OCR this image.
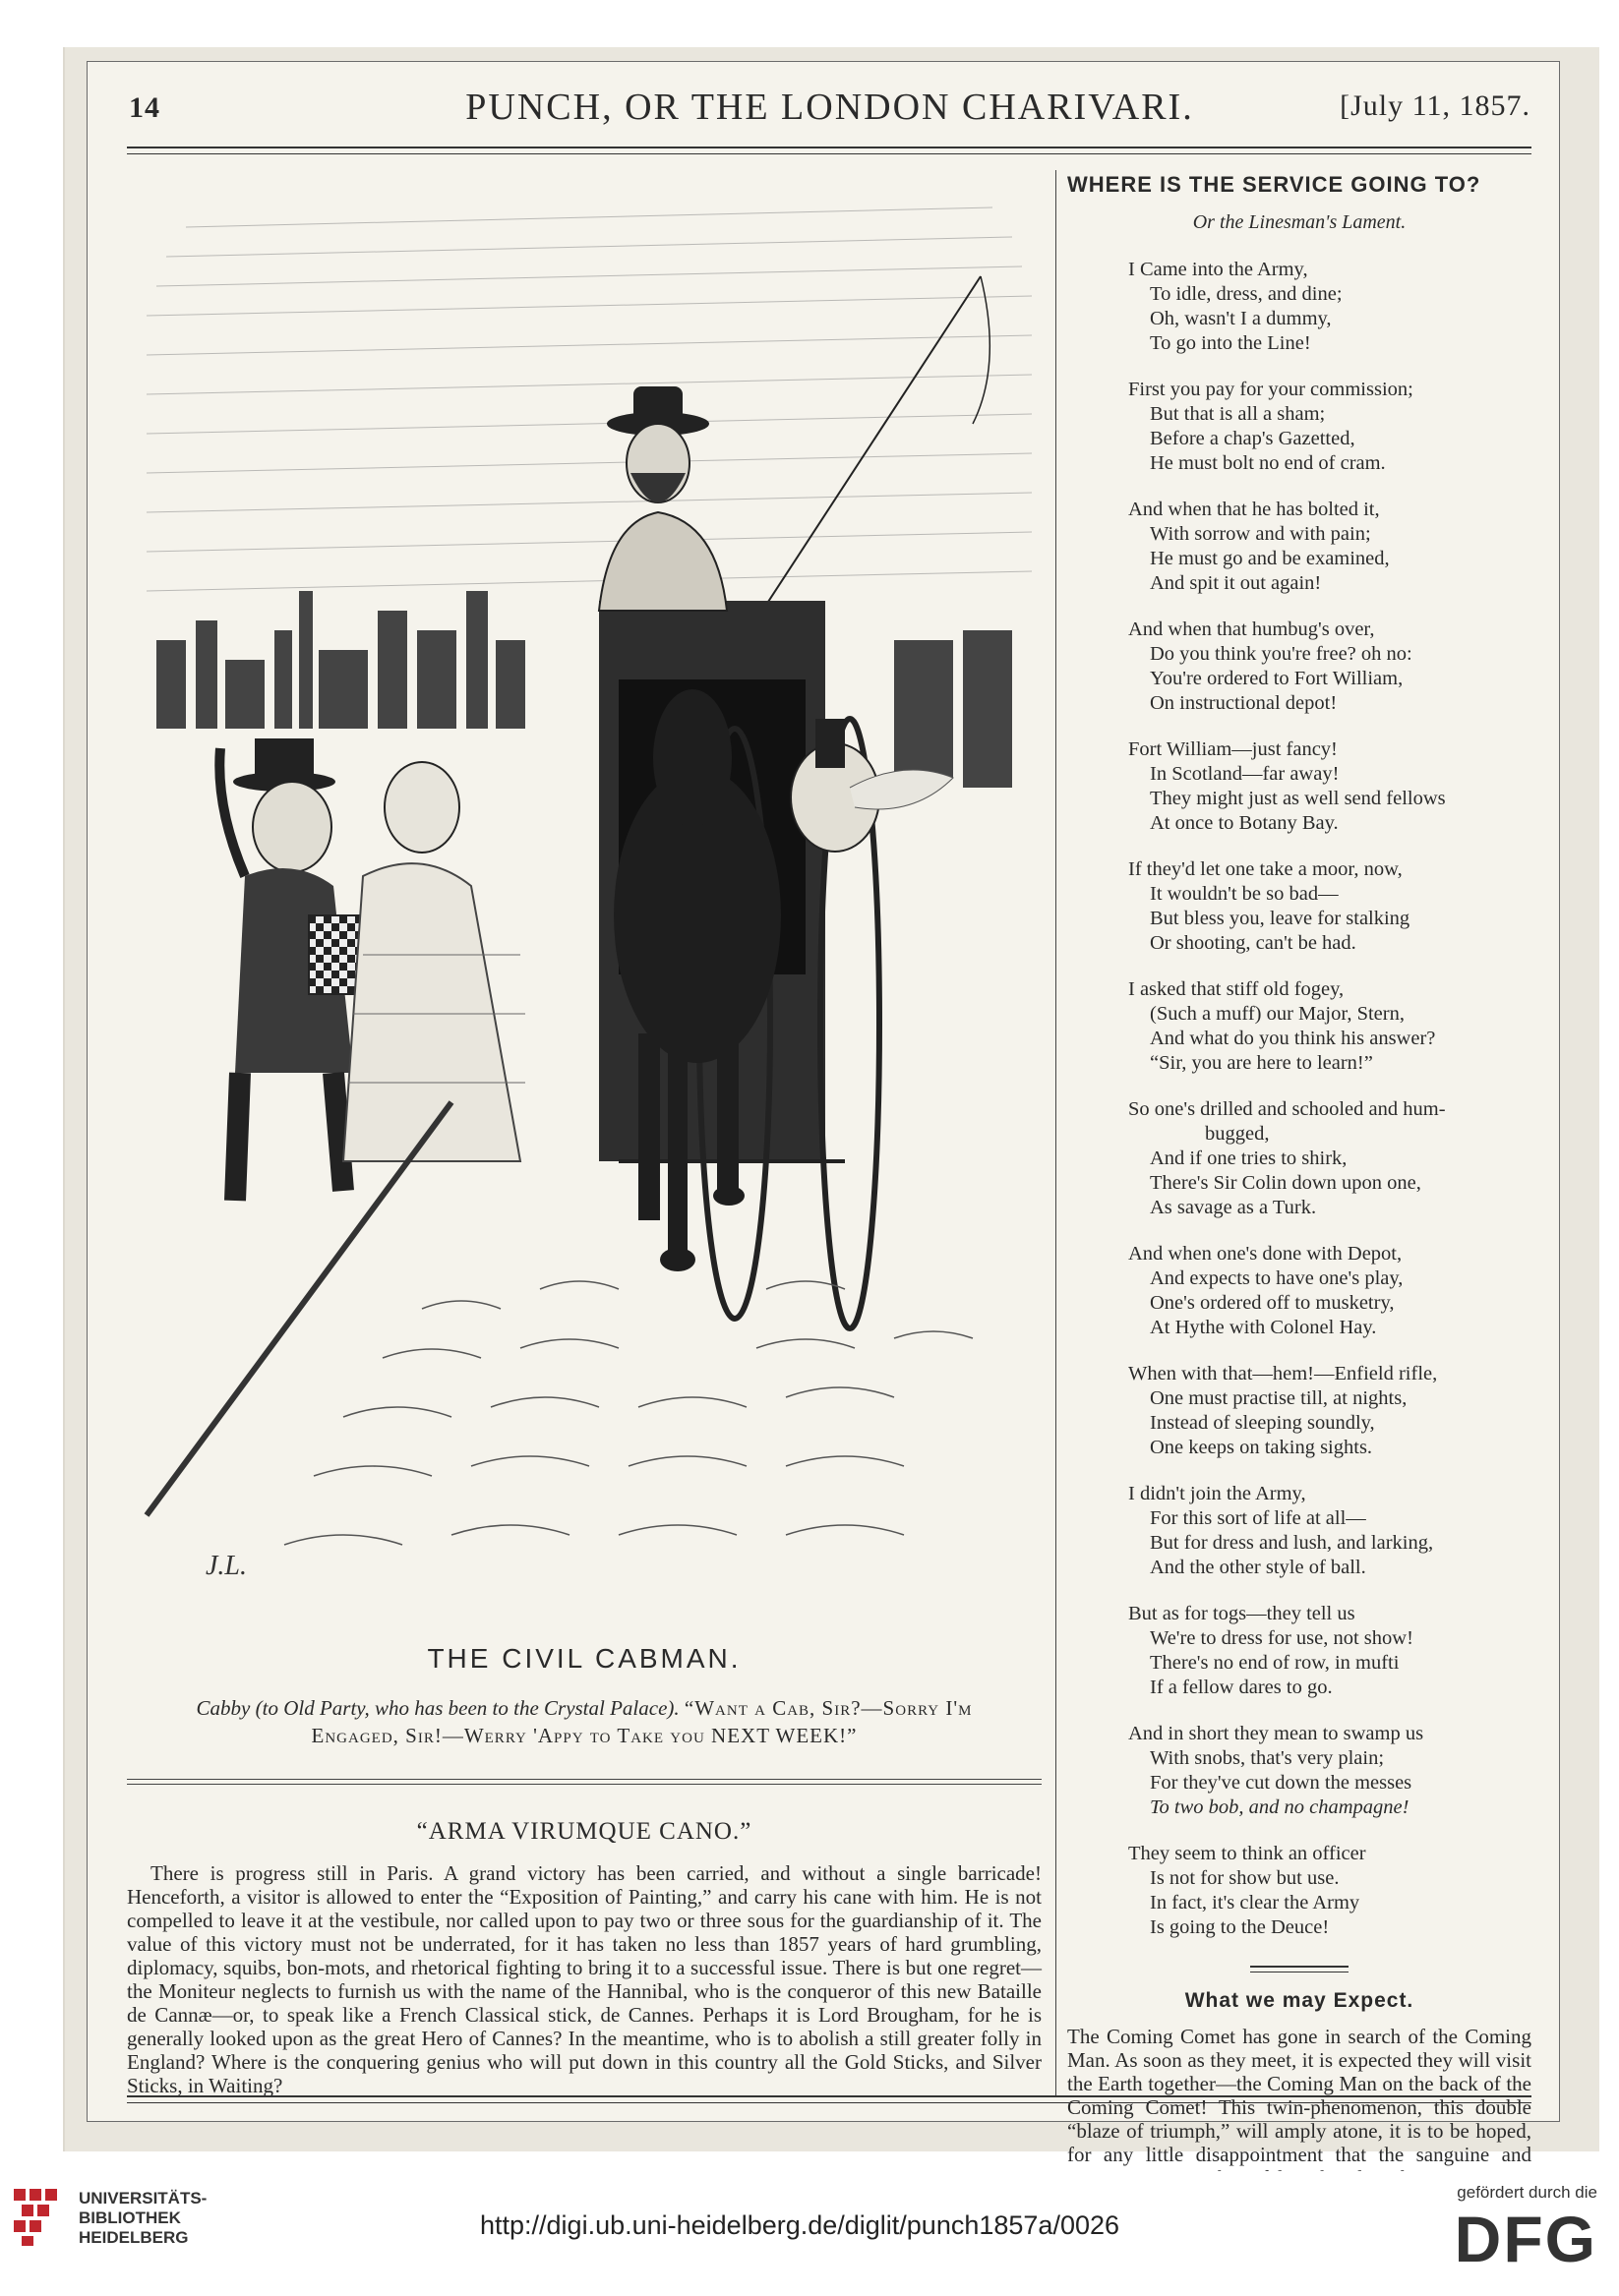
14	PUNCH, OR THE LONDON CHARIVARI.	[July 11, 1857.
J.L.
THE CIVIL CABMAN.
Cabby (to Old Party, who has been to the Crystal Palace). “Want a Cab, Sir?—Sorry I'm Engaged, Sir!—Werry 'Appy to Take you NEXT WEEK!”
“ARMA VIRUMQUE CANO.”

There is progress still in Paris. A grand victory has been carried, and without a single barricade! Henceforth, a visitor is allowed to enter the “Exposition of Painting,” and carry his cane with him. He is not compelled to leave it at the vestibule, nor called upon to pay two or three sous for the guardianship of it. The value of this victory must not be underrated, for it has taken no less than 1857 years of hard grumbling, diplomacy, squibs, bon-mots, and rhetorical fighting to bring it to a successful issue. There is but one regret—the Moniteur neglects to furnish us with the name of the Hannibal, who is the conqueror of this new Bataille de Cannæ—or, to speak like a French Classical stick, de Cannes. Perhaps it is Lord Brougham, for he is generally looked upon as the great Hero of Cannes? In the meantime, who is to abolish a still greater folly in England? Where is the conquering genius who will put down in this country all the Gold Sticks, and Silver Sticks, in Waiting?

WHERE IS THE SERVICE GOING TO?
Or the Linesman's Lament.
I Came into the Army,
To idle, dress, and dine;
Oh, wasn't I a dummy,
To go into the Line!
First you pay for your commission;
But that is all a sham;
Before a chap's Gazetted,
He must bolt no end of cram.
And when that he has bolted it,
With sorrow and with pain;
He must go and be examined,
And spit it out again!
And when that humbug's over,
Do you think you're free? oh no:
You're ordered to Fort William,
On instructional depot!
Fort William—just fancy!
In Scotland—far away!
They might just as well send fellows
At once to Botany Bay.
If they'd let one take a moor, now,
It wouldn't be so bad—
But bless you, leave for stalking
Or shooting, can't be had.
I asked that stiff old fogey,
(Such a muff) our Major, Stern,
And what do you think his answer?
“Sir, you are here to learn!”
So one's drilled and schooled and hum-
bugged,
And if one tries to shirk,
There's Sir Colin down upon one,
As savage as a Turk.
And when one's done with Depot,
And expects to have one's play,
One's ordered off to musketry,
At Hythe with Colonel Hay.
When with that—hem!—Enfield rifle,
One must practise till, at nights,
Instead of sleeping soundly,
One keeps on taking sights.
I didn't join the Army,
For this sort of life at all—
But for dress and lush, and larking,
And the other style of ball.
But as for togs—they tell us
We're to dress for use, not show!
There's no end of row, in mufti
If a fellow dares to go.
And in short they mean to swamp us
With snobs, that's very plain;
For they've cut down the messes
To two bob, and no champagne!
They seem to think an officer
Is not for show but use.
In fact, it's clear the Army
Is going to the Deuce!
What we may Expect.
The Coming Comet has gone in search of the Coming Man. As soon as they meet, it is expected they will visit the Earth together—the Coming Man on the back of the Coming Comet! This twin-phenomenon, this double “blaze of triumph,” will amply atone, it is to be hoped, for any little disappointment that the sanguine and
UNIVERSITÄTS-
BIBLIOTHEK
HEIDELBERG	http://digi.ub.uni-heidelberg.de/diglit/punch1857a/0026
gefördert durch die
DFG
